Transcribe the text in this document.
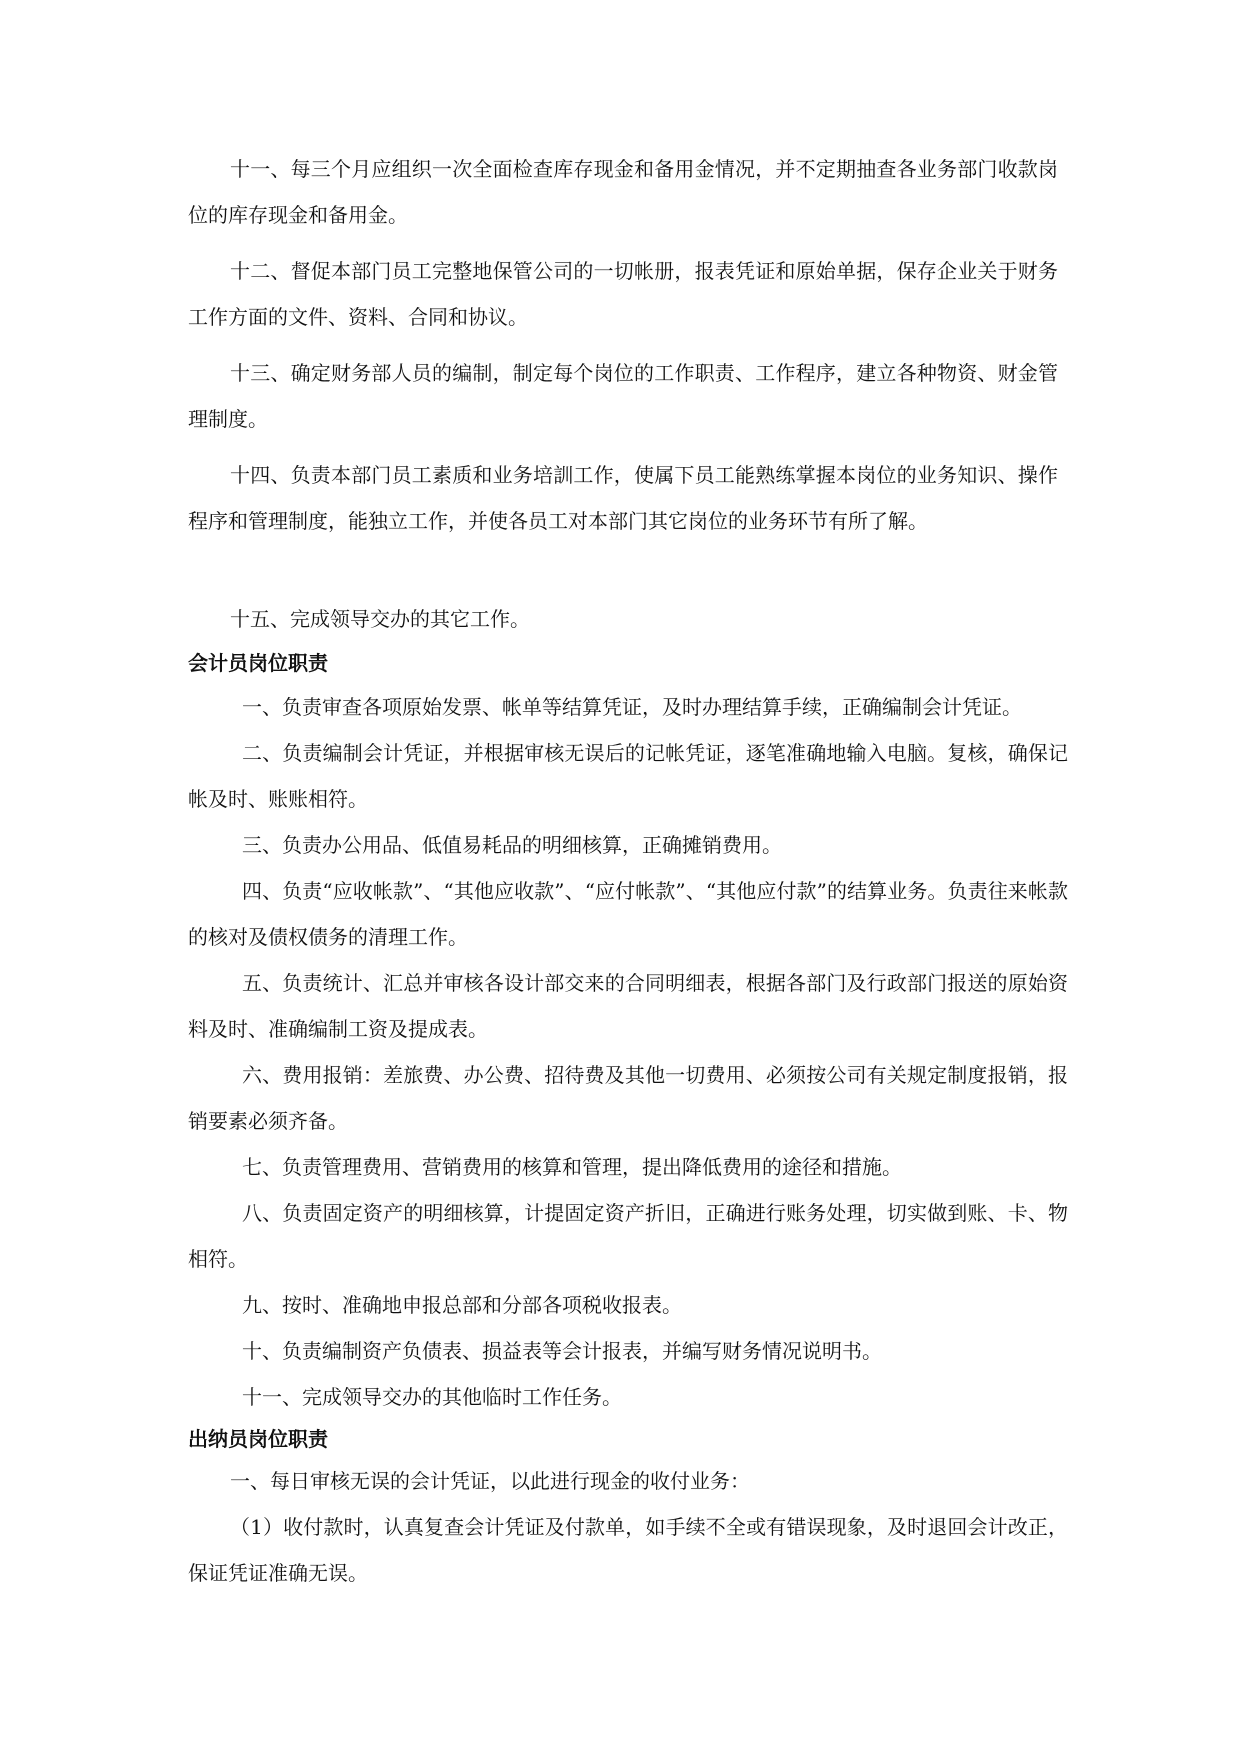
十一、每三个月应组织一次全面检查库存现金和备用金情况，并不定期抽查各业务部门收款岗位的库存现金和备用金。

十二、督促本部门员工完整地保管公司的一切帐册，报表凭证和原始单据，保存企业关于财务工作方面的文件、资料、合同和协议。

十三、确定财务部人员的编制，制定每个岗位的工作职责、工作程序，建立各种物资、财金管理制度。

十四、负责本部门员工素质和业务培訓工作，使属下员工能熟练掌握本岗位的业务知识、操作程序和管理制度，能独立工作，并使各员工对本部门其它岗位的业务环节有所了解。

十五、完成领导交办的其它工作。

会计员岗位职责

一、负责审查各项原始发票、帐单等结算凭证，及时办理结算手续，正确编制会计凭证。

二、负责编制会计凭证，并根据审核无误后的记帐凭证，逐笔准确地输入电脑。复核，确保记帐及时、账账相符。

三、负责办公用品、低值易耗品的明细核算，正确摊销费用。

四、负责“应收帐款”、“其他应收款”、“应付帐款”、“其他应付款”的结算业务。负责往来帐款的核对及债权债务的清理工作。

五、负责统计、汇总并审核各设计部交来的合同明细表，根据各部门及行政部门报送的原始资料及时、准确编制工资及提成表。

六、费用报销：差旅费、办公费、招待费及其他一切费用、必须按公司有关规定制度报销，报销要素必须齐备。

七、负责管理费用、营销费用的核算和管理，提出降低费用的途径和措施。

八、负责固定资产的明细核算，计提固定资产折旧，正确进行账务处理，切实做到账、卡、物相符。

九、按时、准确地申报总部和分部各项税收报表。

十、负责编制资产负债表、损益表等会计报表，并编写财务情况说明书。

十一、完成领导交办的其他临时工作任务。

出纳员岗位职责

一、每日审核无误的会计凭证，以此进行现金的收付业务：

（1）收付款时，认真复查会计凭证及付款单，如手续不全或有错误现象，及时退回会计改正，保证凭证准确无误。
